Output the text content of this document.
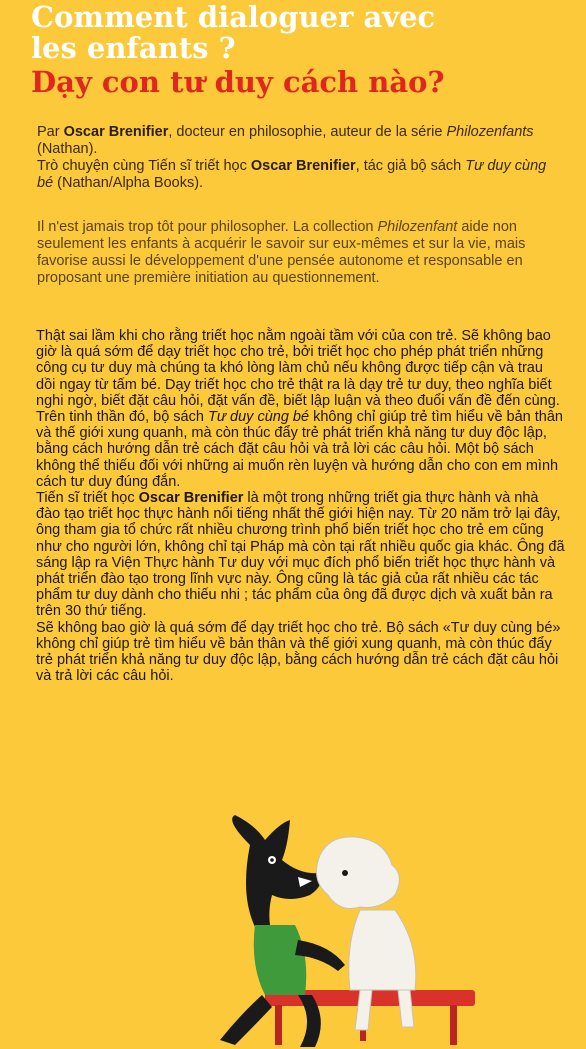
Comment dialoguer avec
les enfants ?
Dạy con tư duy cách nào?

Par Oscar Brenifier, docteur en philosophie, auteur de la série Philozenfants (Nathan).

Trò chuyện cùng Tiến sĩ triết học Oscar Brenifier, tác giả bộ sách Tư duy cùng bé (Nathan/Alpha Books).

Il n'est jamais trop tôt pour philosopher. La collection Philozenfant aide non seulement les enfants à acquérir le savoir sur eux-mêmes et sur la vie, mais favorise aussi le développement d'une pensée autonome et responsable en proposant une première initiation au questionnement.

Thật sai lầm khi cho rằng triết học nằm ngoài tầm với của con trẻ. Sẽ không bao giờ là quá sớm để dạy triết học cho trẻ, bởi triết học cho phép phát triển những công cụ tư duy mà chúng ta khó lòng làm chủ nếu không được tiếp cận và trau dồi ngay từ tấm bé. Dạy triết học cho trẻ thật ra là dạy trẻ tư duy, theo nghĩa biết nghi ngờ, biết đặt câu hỏi, đặt vấn đề, biết lập luận và theo đuổi vấn đề đến cùng. Trên tinh thần đó, bộ sách Tư duy cùng bé không chỉ giúp trẻ tìm hiểu về bản thân và thế giới xung quanh, mà còn thúc đẩy trẻ phát triển khả năng tư duy độc lập, bằng cách hướng dẫn trẻ cách đặt câu hỏi và trả lời các câu hỏi. Một bộ sách không thể thiếu đối với những ai muốn rèn luyện và hướng dẫn cho con em mình cách tư duy đúng đắn.

Tiến sĩ triết học Oscar Brenifier là một trong những triết gia thực hành và nhà đào tạo triết học thực hành nổi tiếng nhất thế giới hiện nay. Từ 20 năm trở lại đây, ông tham gia tổ chức rất nhiều chương trình phổ biến triết học cho trẻ em cũng như cho người lớn, không chỉ tại Pháp mà còn tại rất nhiều quốc gia khác. Ông đã sáng lập ra Viện Thực hành Tư duy với mục đích phổ biến triết học thực hành và phát triển đào tạo trong lĩnh vực này. Ông cũng là tác giả của rất nhiều các tác phẩm tư duy dành cho thiếu nhi ; tác phẩm của ông đã được dịch và xuất bản ra trên 30 thứ tiếng.

Sẽ không bao giờ là quá sớm để dạy triết học cho trẻ. Bộ sách «Tư duy cùng bé» không chỉ giúp trẻ tìm hiểu về bản thân và thế giới xung quanh, mà còn thúc đẩy trẻ phát triển khả năng tư duy độc lập, bằng cách hướng dẫn trẻ cách đặt câu hỏi và trả lời các câu hỏi.
